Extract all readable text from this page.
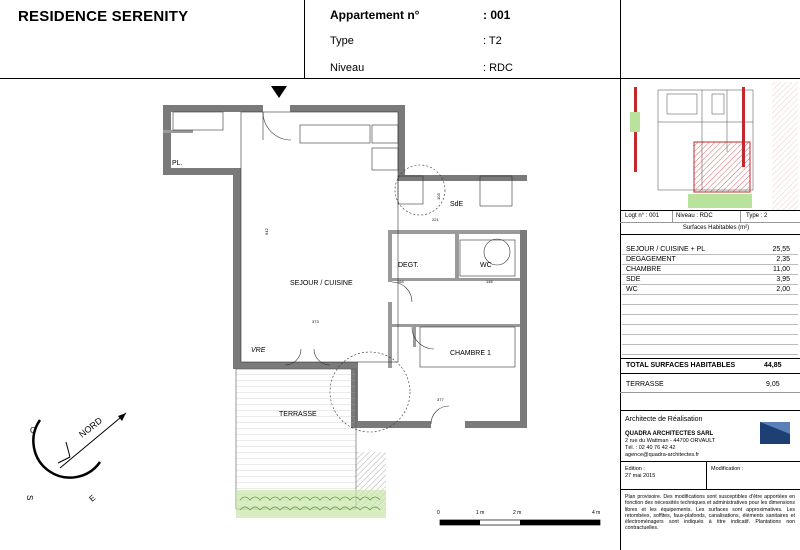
RESIDENCE SERENITY	Appartement n°	: 001
Type	: T2
Niveau	: RDC
SEJOUR / CUISINE
SdE
DEGT.	WC
CHAMBRE 1
PL.
TERRASSE
VRE
373
642
377
164	146
103
221
NORD
O
S	E
0	1 m	2 m	4 m
Logt n° : 001	Niveau : RDC	Type : 2
Surfaces Habitables (m²)
SEJOUR / CUISINE + PL	25,55
DEGAGEMENT	2,35
CHAMBRE	11,00
SDE	3,95
WC	2,00
TOTAL SURFACES HABITABLES	44,85
TERRASSE	9,05
Architecte de Réalisation
QUADRA ARCHITECTES SARL
2 rue du Wattman - 44700 ORVAULT
Tél. : 02 40 76 42 42
agence@quadra-architectes.fr
Edition :
27 mai 2015
Modification :
Plan provisoire. Des modifications sont susceptibles d'être apportées en fonction des nécessités techniques et administratives pour les dimensions libres et les équipements. Les surfaces sont approximatives. Les retombées, soffites, faux-plafonds, canalisations, éléments sanitaires et électroménagers sont indiqués à titre indicatif. Plantations non contractuelles.
